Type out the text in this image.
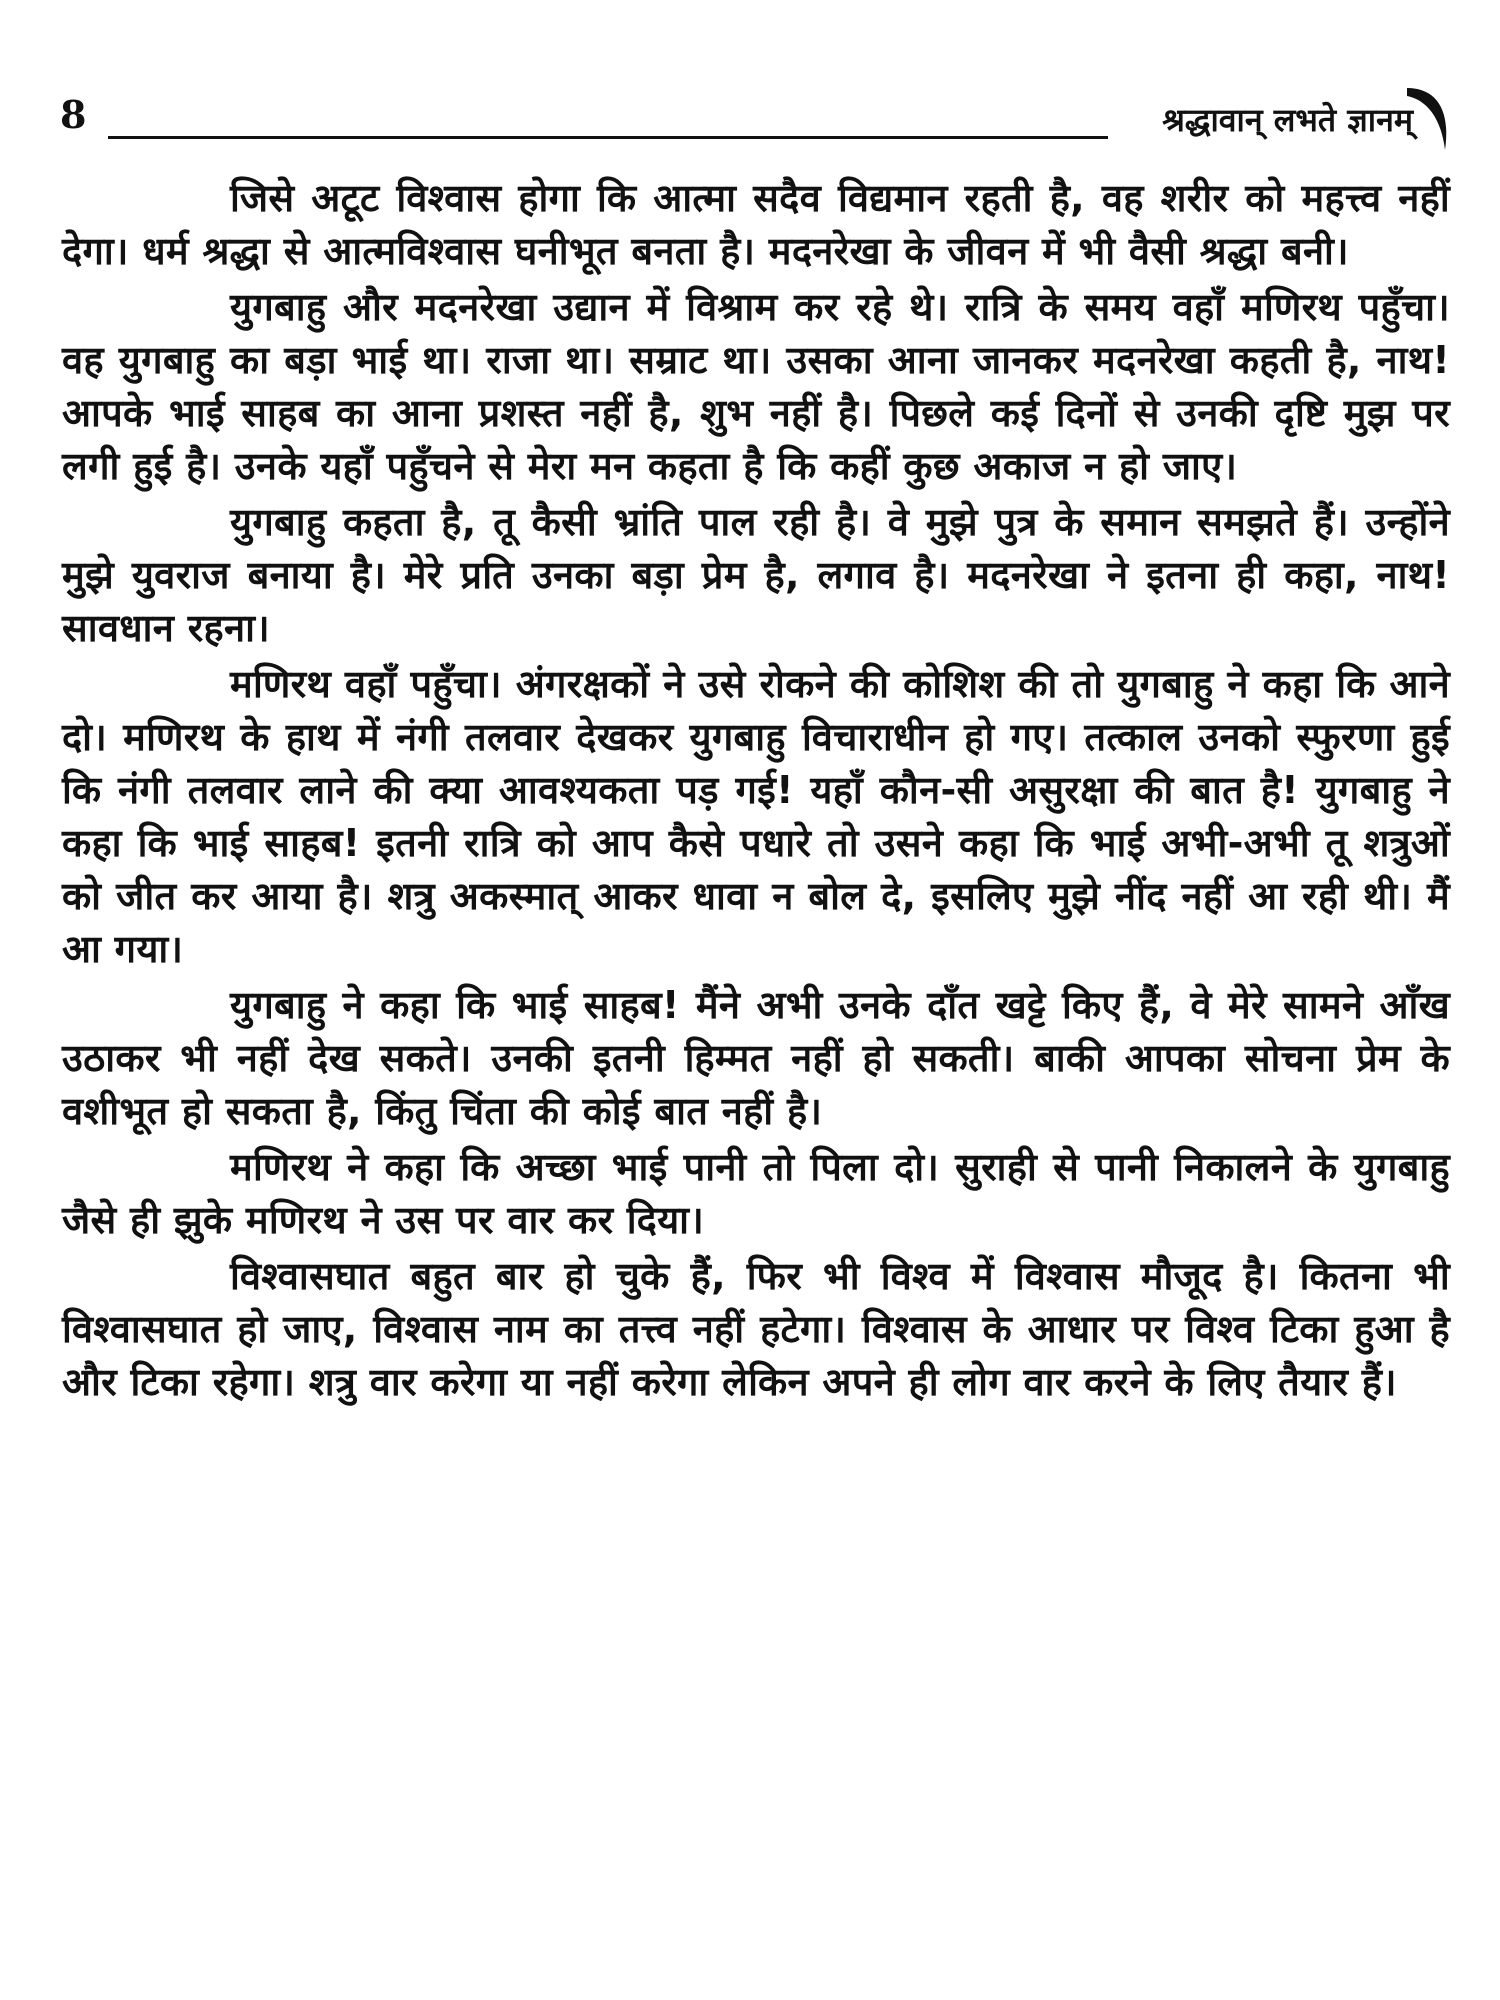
8	श्रद्धावान् लभते ज्ञानम्

जिसे अटूट विश्वास होगा कि आत्मा सदैव विद्यमान रहती है, वह शरीर को महत्त्व नहीं देगा। धर्म श्रद्धा से आत्मविश्वास घनीभूत बनता है। मदनरेखा के जीवन में भी वैसी श्रद्धा बनी।

युगबाहु और मदनरेखा उद्यान में विश्राम कर रहे थे। रात्रि के समय वहाँ मणिरथ पहुँचा। वह युगबाहु का बड़ा भाई था। राजा था। सम्राट था। उसका आना जानकर मदनरेखा कहती है, नाथ! आपके भाई साहब का आना प्रशस्त नहीं है, शुभ नहीं है। पिछले कई दिनों से उनकी दृष्टि मुझ पर लगी हुई है। उनके यहाँ पहुँचने से मेरा मन कहता है कि कहीं कुछ अकाज न हो जाए।

युगबाहु कहता है, तू कैसी भ्रांति पाल रही है। वे मुझे पुत्र के समान समझते हैं। उन्होंने मुझे युवराज बनाया है। मेरे प्रति उनका बड़ा प्रेम है, लगाव है। मदनरेखा ने इतना ही कहा, नाथ! सावधान रहना।

मणिरथ वहाँ पहुँचा। अंगरक्षकों ने उसे रोकने की कोशिश की तो युगबाहु ने कहा कि आने दो। मणिरथ के हाथ में नंगी तलवार देखकर युगबाहु विचाराधीन हो गए। तत्काल उनको स्फुरणा हुई कि नंगी तलवार लाने की क्या आवश्यकता पड़ गई! यहाँ कौन-सी असुरक्षा की बात है! युगबाहु ने कहा कि भाई साहब! इतनी रात्रि को आप कैसे पधारे तो उसने कहा कि भाई अभी-अभी तू शत्रुओं को जीत कर आया है। शत्रु अकस्मात् आकर धावा न बोल दे, इसलिए मुझे नींद नहीं आ रही थी। मैं आ गया।

युगबाहु ने कहा कि भाई साहब! मैंने अभी उनके दाँत खट्टे किए हैं, वे मेरे सामने आँख उठाकर भी नहीं देख सकते। उनकी इतनी हिम्मत नहीं हो सकती। बाकी आपका सोचना प्रेम के वशीभूत हो सकता है, किंतु चिंता की कोई बात नहीं है।

मणिरथ ने कहा कि अच्छा भाई पानी तो पिला दो। सुराही से पानी निकालने के युगबाहु जैसे ही झुके मणिरथ ने उस पर वार कर दिया।

विश्वासघात बहुत बार हो चुके हैं, फिर भी विश्व में विश्वास मौजूद है। कितना भी विश्वासघात हो जाए, विश्वास नाम का तत्त्व नहीं हटेगा। विश्वास के आधार पर विश्व टिका हुआ है और टिका रहेगा। शत्रु वार करेगा या नहीं करेगा लेकिन अपने ही लोग वार करने के लिए तैयार हैं।
